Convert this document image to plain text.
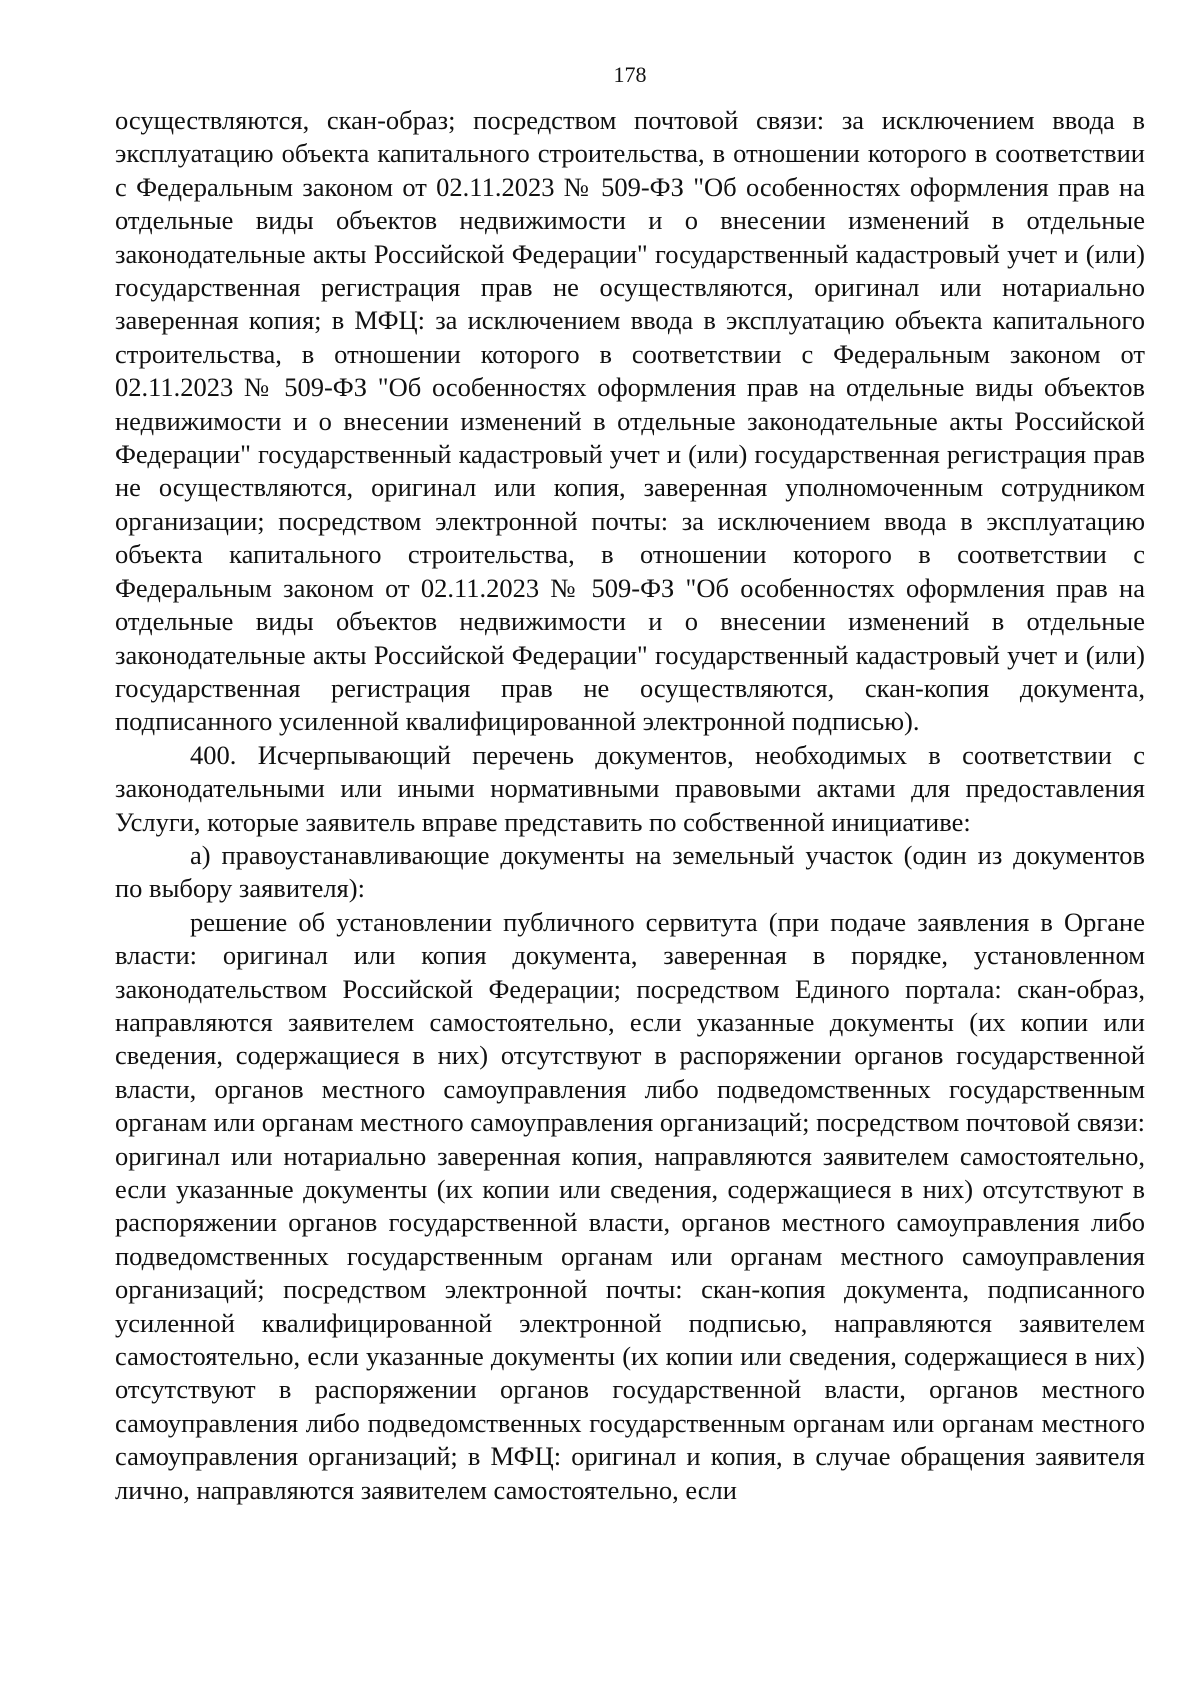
178

осуществляются, скан-образ; посредством почтовой связи: за исключением ввода в эксплуатацию объекта капитального строительства, в отношении которого в соответствии с Федеральным законом от 02.11.2023 № 509-ФЗ "Об особенностях оформления прав на отдельные виды объектов недвижимости и о внесении изменений в отдельные законодательные акты Российской Федерации" государственный кадастровый учет и (или) государственная регистрация прав не осуществляются, оригинал или нотариально заверенная копия; в МФЦ: за исключением ввода в эксплуатацию объекта капитального строительства, в отношении которого в соответствии с Федеральным законом от 02.11.2023 № 509-ФЗ "Об особенностях оформления прав на отдельные виды объектов недвижимости и о внесении изменений в отдельные законодательные акты Российской Федерации" государственный кадастровый учет и (или) государственная регистрация прав не осуществляются, оригинал или копия, заверенная уполномоченным сотрудником организации; посредством электронной почты: за исключением ввода в эксплуатацию объекта капитального строительства, в отношении которого в соответствии с Федеральным законом от 02.11.2023 № 509-ФЗ "Об особенностях оформления прав на отдельные виды объектов недвижимости и о внесении изменений в отдельные законодательные акты Российской Федерации" государственный кадастровый учет и (или) государственная регистрация прав не осуществляются, скан-копия документа, подписанного усиленной квалифицированной электронной подписью).

400. Исчерпывающий перечень документов, необходимых в соответствии с законодательными или иными нормативными правовыми актами для предоставления Услуги, которые заявитель вправе представить по собственной инициативе:

а) правоустанавливающие документы на земельный участок (один из документов по выбору заявителя):

решение об установлении публичного сервитута (при подаче заявления в Органе власти: оригинал или копия документа, заверенная в порядке, установленном законодательством Российской Федерации; посредством Единого портала: скан-образ, направляются заявителем самостоятельно, если указанные документы (их копии или сведения, содержащиеся в них) отсутствуют в распоряжении органов государственной власти, органов местного самоуправления либо подведомственных государственным органам или органам местного самоуправления организаций; посредством почтовой связи: оригинал или нотариально заверенная копия, направляются заявителем самостоятельно, если указанные документы (их копии или сведения, содержащиеся в них) отсутствуют в распоряжении органов государственной власти, органов местного самоуправления либо подведомственных государственным органам или органам местного самоуправления организаций; посредством электронной почты: скан-копия документа, подписанного усиленной квалифицированной электронной подписью, направляются заявителем самостоятельно, если указанные документы (их копии или сведения, содержащиеся в них) отсутствуют в распоряжении органов государственной власти, органов местного самоуправления либо подведомственных государственным органам или органам местного самоуправления организаций; в МФЦ: оригинал и копия, в случае обращения заявителя лично, направляются заявителем самостоятельно, если
